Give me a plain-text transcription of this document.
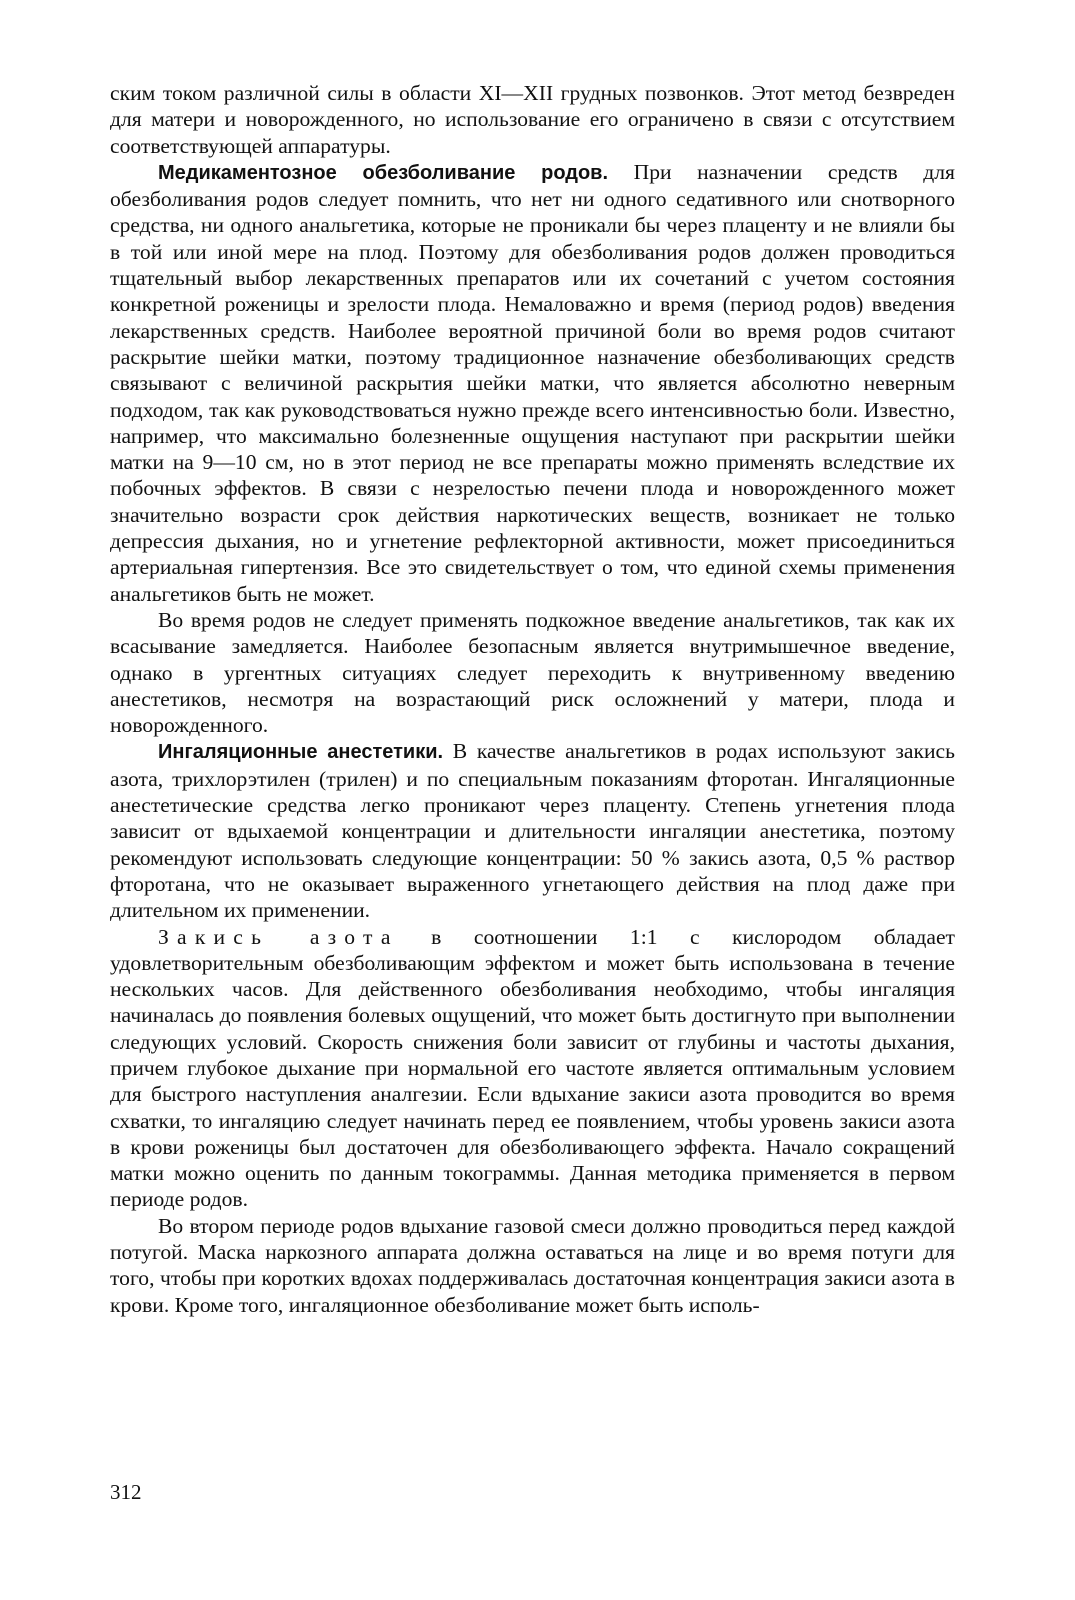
ским током различной силы в области XI—XII грудных позвонков. Этот метод безвреден для матери и новорожденного, но использование его ограничено в связи с отсутствием соответствующей аппаратуры.

Медикаментозное обезболивание родов. При назначении средств для обезболивания родов следует помнить, что нет ни одного седативного или снотворного средства, ни одного анальгетика, которые не проникали бы через плаценту и не влияли бы в той или иной мере на плод. Поэтому для обезболивания родов должен проводиться тщательный выбор лекарственных препаратов или их сочетаний с учетом состояния конкретной роженицы и зрелости плода. Немаловажно и время (период родов) введения лекарственных средств. Наиболее вероятной причиной боли во время родов считают раскрытие шейки матки, поэтому традиционное назначение обезболивающих средств связывают с величиной раскрытия шейки матки, что является абсолютно неверным подходом, так как руководствоваться нужно прежде всего интенсивностью боли. Известно, например, что максимально болезненные ощущения наступают при раскрытии шейки матки на 9—10 см, но в этот период не все препараты можно применять вследствие их побочных эффектов. В связи с незрелостью печени плода и новорожденного может значительно возрасти срок действия наркотических веществ, возникает не только депрессия дыхания, но и угнетение рефлекторной активности, может присоединиться артериальная гипертензия. Все это свидетельствует о том, что единой схемы применения анальгетиков быть не может.

Во время родов не следует применять подкожное введение анальгетиков, так как их всасывание замедляется. Наиболее безопасным является внутримышечное введение, однако в ургентных ситуациях следует переходить к внутривенному введению анестетиков, несмотря на возрастающий риск осложнений у матери, плода и новорожденного.

Ингаляционные анестетики. В качестве анальгетиков в родах используют закись азота, трихлорэтилен (трилен) и по специальным показаниям фторотан. Ингаляционные анестетические средства легко проникают через плаценту. Степень угнетения плода зависит от вдыхаемой концентрации и длительности ингаляции анестетика, поэтому рекомендуют использовать следующие концентрации: 50 % закись азота, 0,5 % раствор фторотана, что не оказывает выраженного угнетающего действия на плод даже при длительном их применении.

Закись азота в соотношении 1:1 с кислородом обладает удовлетворительным обезболивающим эффектом и может быть использована в течение нескольких часов. Для действенного обезболивания необходимо, чтобы ингаляция начиналась до появления болевых ощущений, что может быть достигнуто при выполнении следующих условий. Скорость снижения боли зависит от глубины и частоты дыхания, причем глубокое дыхание при нормальной его частоте является оптимальным условием для быстрого наступления аналгезии. Если вдыхание закиси азота проводится во время схватки, то ингаляцию следует начинать перед ее появлением, чтобы уровень закиси азота в крови роженицы был достаточен для обезболивающего эффекта. Начало сокращений матки можно оценить по данным токограммы. Данная методика применяется в первом периоде родов.

Во втором периоде родов вдыхание газовой смеси должно проводиться перед каждой потугой. Маска наркозного аппарата должна оставаться на лице и во время потуги для того, чтобы при коротких вдохах поддерживалась достаточная концентрация закиси азота в крови. Кроме того, ингаляционное обезболивание может быть исполь-

312
